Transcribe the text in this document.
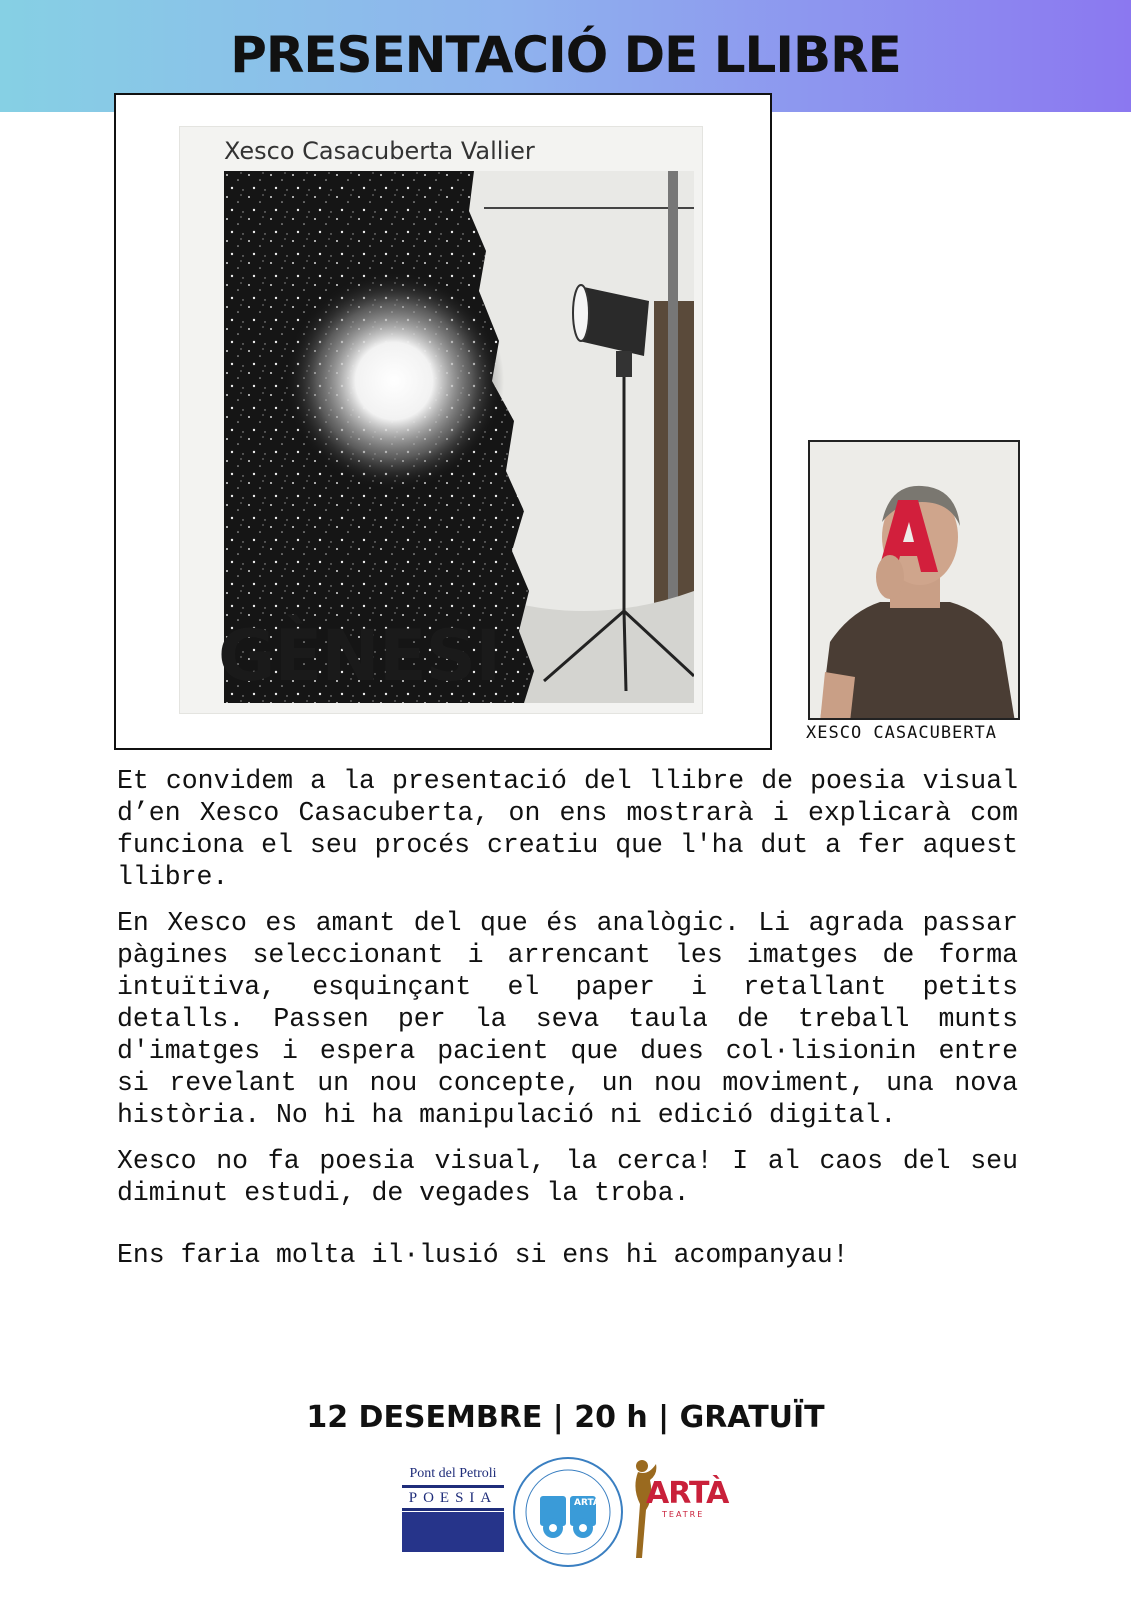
PRESENTACIÓ DE LLIBRE
Xesco Casacuberta Vallier
GÈNESI
XESCO CASACUBERTA

Et convidem a la presentació del llibre de poesia visual d’en Xesco Casacuberta, on ens mostrarà i explicarà com funciona el seu procés creatiu que l'ha dut a fer aquest llibre.

En Xesco es amant del que és analògic. Li agrada passar pàgines seleccionant i arrencant les imatges de forma intuïtiva, esquinçant el paper i retallant petits detalls. Passen per la seva taula de treball munts d'imatges i espera pacient que dues col·lisionin entre si revelant un nou concepte, un nou moviment, una nova història. No hi ha manipulació ni edició digital.

Xesco no fa poesia visual, la cerca! I al caos del seu diminut estudi, de vegades la troba.

Ens faria molta il·lusió si ens hi acompanyau!

12 DESEMBRE | 20 h | GRATUÏT
Pont del Petroli
POESIA	ARTÀ ARTÀ
TEATRE
